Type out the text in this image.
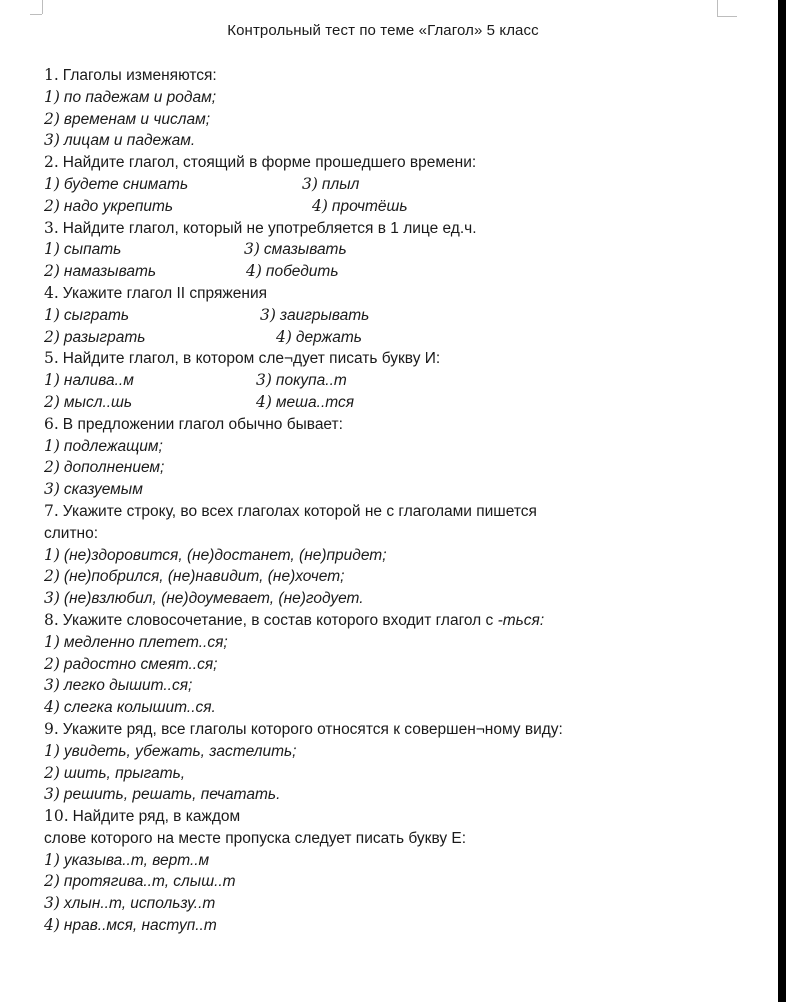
Контрольный тест по теме «Глагол» 5 класс
1. Глаголы изменяются:
1) по падежам и родам;
2) временам и числам;
3) лицам и падежам.
2. Найдите глагол, стоящий в форме прошедшего времени:
1) будете снимать	3) плыл
2) надо укрепить	4) прочтёшь
3. Найдите глагол, который не употребляется в 1 лице ед.ч.
1) сыпать	3) смазывать
2) намазывать	4) победить
4. Укажите глагол II спряжения
1) сыграть	3) заигрывать
2) разыграть	4) держать
5. Найдите глагол, в котором сле¬дует писать букву И:
1) налива..м	3) покупа..т
2) мысл..шь	4) меша..тся
6. В предложении глагол обычно бывает:
1) подлежащим;
2) дополнением;
3) сказуемым
7. Укажите строку, во всех глаголах которой не с глаголами пишется
слитно:
1) (не)здоровится, (не)достанет, (не)придет;
2) (не)побрился, (не)навидит, (не)хочет;
3) (не)взлюбил, (не)доумевает, (не)годует.
8. Укажите словосочетание, в состав которого входит глагол с -ться:
1) медленно плетет..ся;
2) радостно смеят..ся;
3) легко дышит..ся;
4) слегка колышит..ся.
9. Укажите ряд, все глаголы которого относятся к совершен¬ному виду:
1) увидеть, убежать, застелить;
2) шить, прыгать,
3) решить, решать, печатать.
10. Найдите ряд, в каждом
слове которого на месте пропуска следует писать букву Е:
1) указыва..т, верт..м
2) протягива..т, слыш..т
3) хлын..т, использу..т
4) нрав..мся, наступ..т
